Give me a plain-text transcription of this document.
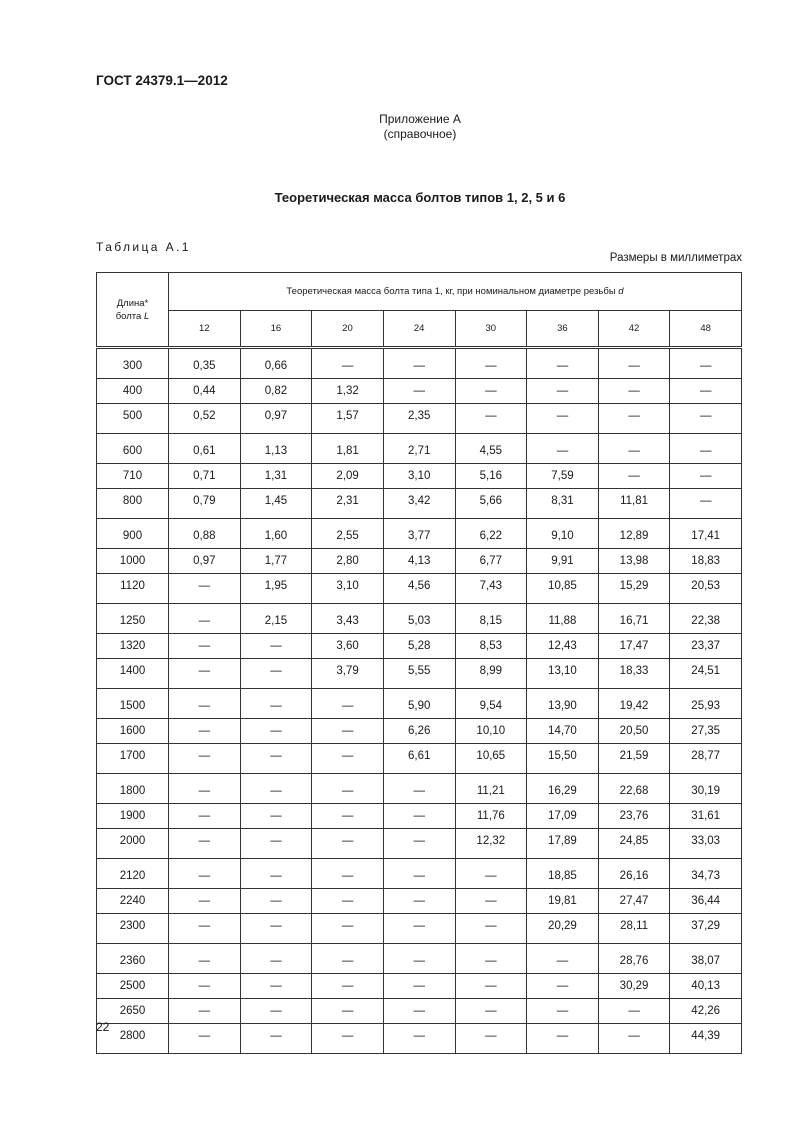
ГОСТ 24379.1—2012
Приложение А
(справочное)
Теоретическая масса болтов типов 1, 2, 5 и 6
Таблица А.1
Размеры в миллиметрах
Длина*
болта L	Теоретическая масса болта типа 1, кг, при номинальном диаметре резьбы d							
	12	16	20	24	30	36	42	48
300	0,35	0,66	—	—	—	—	—	—
400	0,44	0,82	1,32	—	—	—	—	—
500	0,52	0,97	1,57	2,35	—	—	—	—
600	0,61	1,13	1,81	2,71	4,55	—	—	—
710	0,71	1,31	2,09	3,10	5,16	7,59	—	—
800	0,79	1,45	2,31	3,42	5,66	8,31	11,81	—
900	0,88	1,60	2,55	3,77	6,22	9,10	12,89	17,41
1000	0,97	1,77	2,80	4,13	6,77	9,91	13,98	18,83
1120	—	1,95	3,10	4,56	7,43	10,85	15,29	20,53
1250	—	2,15	3,43	5,03	8,15	11,88	16,71	22,38
1320	—	—	3,60	5,28	8,53	12,43	17,47	23,37
1400	—	—	3,79	5,55	8,99	13,10	18,33	24,51
1500	—	—	—	5,90	9,54	13,90	19,42	25,93
1600	—	—	—	6,26	10,10	14,70	20,50	27,35
1700	—	—	—	6,61	10,65	15,50	21,59	28,77
1800	—	—	—	—	11,21	16,29	22,68	30,19
1900	—	—	—	—	11,76	17,09	23,76	31,61
2000	—	—	—	—	12,32	17,89	24,85	33,03
2120	—	—	—	—	—	18,85	26,16	34,73
2240	—	—	—	—	—	19,81	27,47	36,44
2300	—	—	—	—	—	20,29	28,11	37,29
2360	—	—	—	—	—	—	28,76	38,07
2500	—	—	—	—	—	—	30,29	40,13
2650	—	—	—	—	—	—	—	42,26
2800	—	—	—	—	—	—	—	44,39
22
